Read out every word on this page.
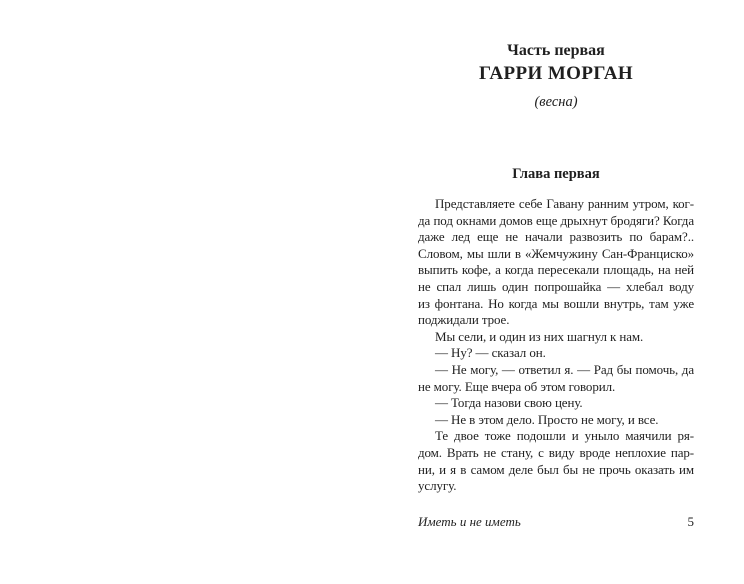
Часть первая
ГАРРИ МОРГАН
(весна)
Глава первая
Представляете себе Гавану ранним утром, ког-
да под окнами домов еще дрыхнут бродяги? Когда
даже лед еще не начали развозить по барам?..
Словом, мы шли в «Жемчужину Сан-Франциско»
выпить кофе, а когда пересекали площадь, на ней
не спал лишь один попрошайка — хлебал воду
из фонтана. Но когда мы вошли внутрь, там уже
поджидали трое.
Мы сели, и один из них шагнул к нам.
— Ну? — сказал он.
— Не могу, — ответил я. — Рад бы помочь, да
не могу. Еще вчера об этом говорил.
— Тогда назови свою цену.
— Не в этом дело. Просто не могу, и все.
Те двое тоже подошли и уныло маячили ря-
дом. Врать не стану, с виду вроде неплохие пар-
ни, и я в самом деле был бы не прочь оказать им
услугу.
Иметь и не иметь	5
